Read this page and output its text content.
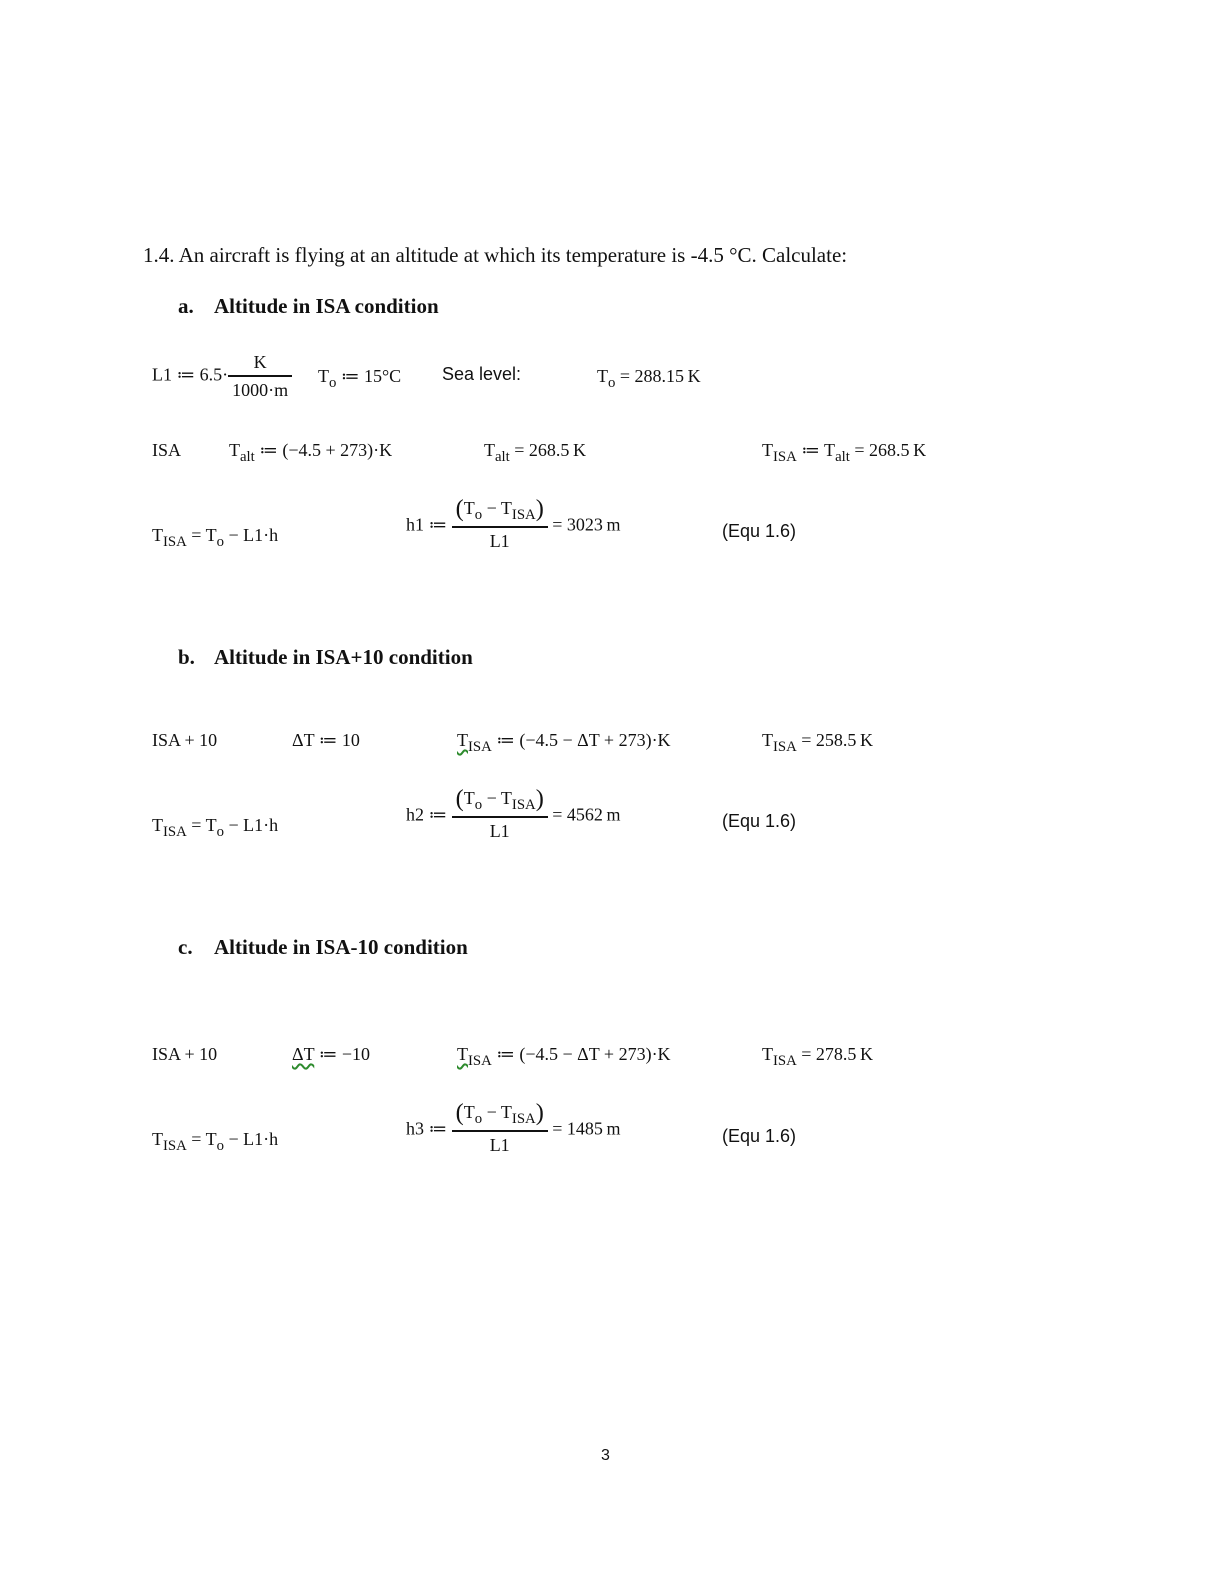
1.4. An aircraft is flying at an altitude at which its temperature is -4.5 °C. Calculate:
a. Altitude in ISA condition
L1 ≔ $6.5\cdot \frac{K}{1000\cdot m} T_o$ ≔ 15°C Sea level:	$T_o = 288.15$ K
ISA	$T_{alt}$ ≔ (−4.5 + 273)·K	$T_{alt} = 268.5$ K	$T_{ISA}$ ≔ $T_{alt} = 268.5$ K
$T_{ISA} = T_o - L1\cdot h$
h1 ≔ $\frac{(T_o - T_{ISA})}{L1} = 3023$ m	(Equ 1.6)
b. Altitude in ISA+10 condition
ISA + 10	ΔT ≔ 10	$T_{ISA}$ ≔ (−4.5 − ΔT + 273)·K	$T_{ISA} = 258.5$ K
$T_{ISA} = T_o - L1\cdot h$
h2 ≔ $\frac{(T_o - T_{ISA})}{L1} = 4562$ m	(Equ 1.6)
c. Altitude in ISA-10 condition
ISA + 10	ΔT ≔ −10	$T_{ISA}$ ≔ (−4.5 − ΔT + 273)·K	$T_{ISA} = 278.5$ K
$T_{ISA} = T_o - L1\cdot h$
h3 ≔ $\frac{(T_o - T_{ISA})}{L1} = 1485$ m	(Equ 1.6)
3
